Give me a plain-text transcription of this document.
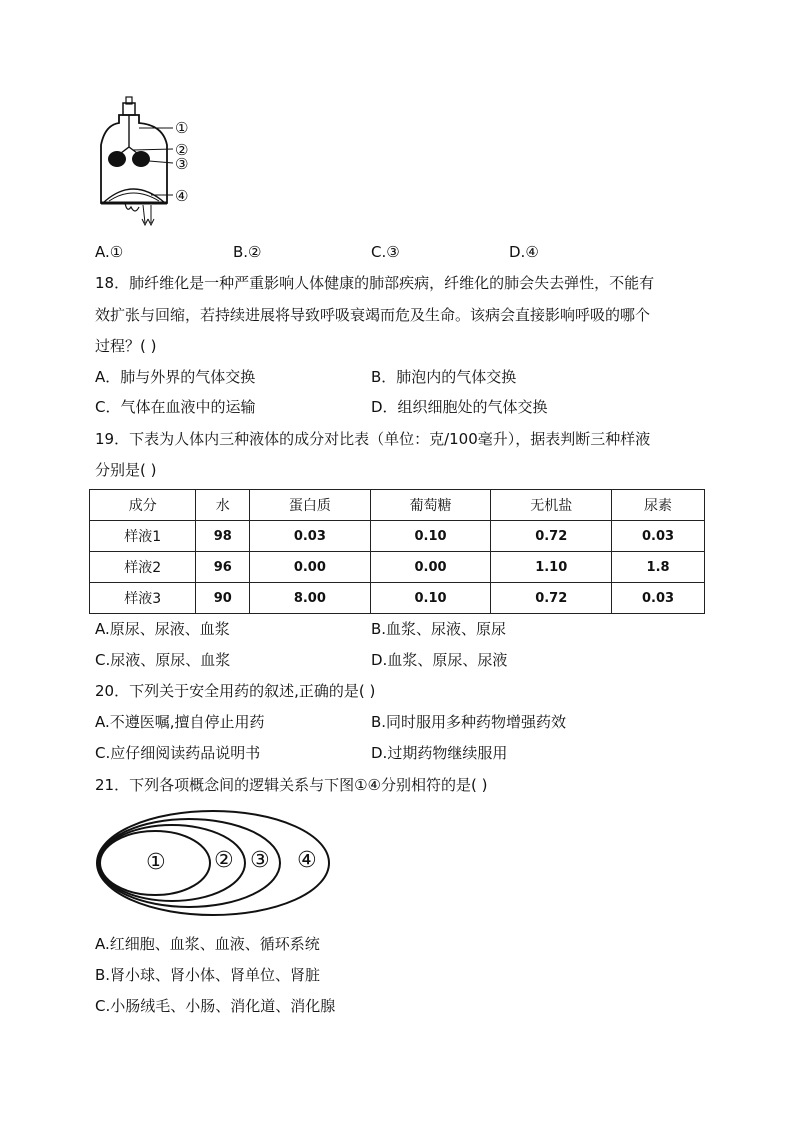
①
②
③
④
A.①	B.②	C.③	D.④
18．肺纤维化是一种严重影响人体健康的肺部疾病，纤维化的肺会失去弹性，不能有
效扩张与回缩，若持续进展将导致呼吸衰竭而危及生命。该病会直接影响呼吸的哪个
过程？( )
A．肺与外界的气体交换	B．肺泡内的气体交换
C．气体在血液中的运输	D．组织细胞处的气体交换
19．下表为人体内三种液体的成分对比表（单位：克/100毫升），据表判断三种样液
分别是( )
成分	水	蛋白质	葡萄糖	无机盐	尿素
样液1	98	0.03	0.10	0.72	0.03
样液2	96	0.00	0.00	1.10	1.8
样液3	90	8.00	0.10	0.72	0.03
A.原尿、尿液、血浆	B.血浆、尿液、原尿
C.尿液、原尿、血浆	D.血浆、原尿、尿液
20．下列关于安全用药的叙述,正确的是( )
A.不遵医嘱,擅自停止用药	B.同时服用多种药物增强药效
C.应仔细阅读药品说明书	D.过期药物继续服用
21．下列各项概念间的逻辑关系与下图①④分别相符的是( )
① ② ③ ④
A.红细胞、血浆、血液、循环系统
B.肾小球、肾小体、肾单位、肾脏
C.小肠绒毛、小肠、消化道、消化腺
